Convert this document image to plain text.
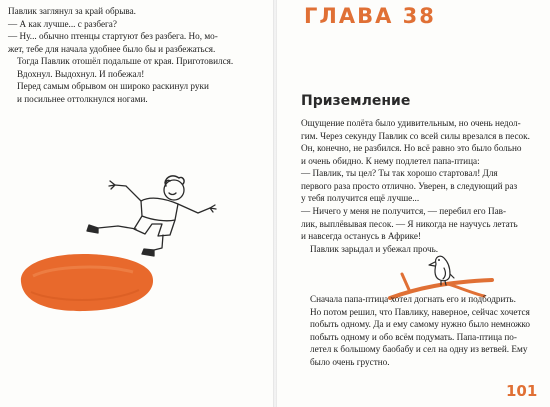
Павлик заглянул за край обрыва.
— А как лучше... с разбега?
— Ну... обычно птенцы стартуют без разбега. Но, мо-
жет, тебе для начала удобнее было бы и разбежаться.
Тогда Павлик отошёл подальше от края. Приготовился.
Вдохнул. Выдохнул. И побежал!
Перед самым обрывом он широко раскинул руки
и посильнее оттолкнулся ногами.
ГЛАВА 38
Приземление
Ощущение полёта было удивительным, но очень недол-
гим. Через секунду Павлик со всей силы врезался в песок.
Он, конечно, не разбился. Но всё равно это было больно
и очень обидно. К нему подлетел папа-птица:
— Павлик, ты цел? Ты так хорошо стартовал! Для
первого раза просто отлично. Уверен, в следующий раз
у тебя получится ещё лучше...
— Ничего у меня не получится, — перебил его Пав-
лик, выплёвывая песок. — Я никогда не научусь летать
и навсегда останусь в Африке!
Павлик зарыдал и убежал прочь.
Сначала папа-птица хотел догнать его и подбодрить.
Но потом решил, что Павлику, наверное, сейчас хочется
побыть одному. Да и ему самому нужно было немножко
побыть одному и обо всём подумать. Папа-птица по-
летел к большому баобабу и сел на одну из ветвей. Ему
было очень грустно.
101
